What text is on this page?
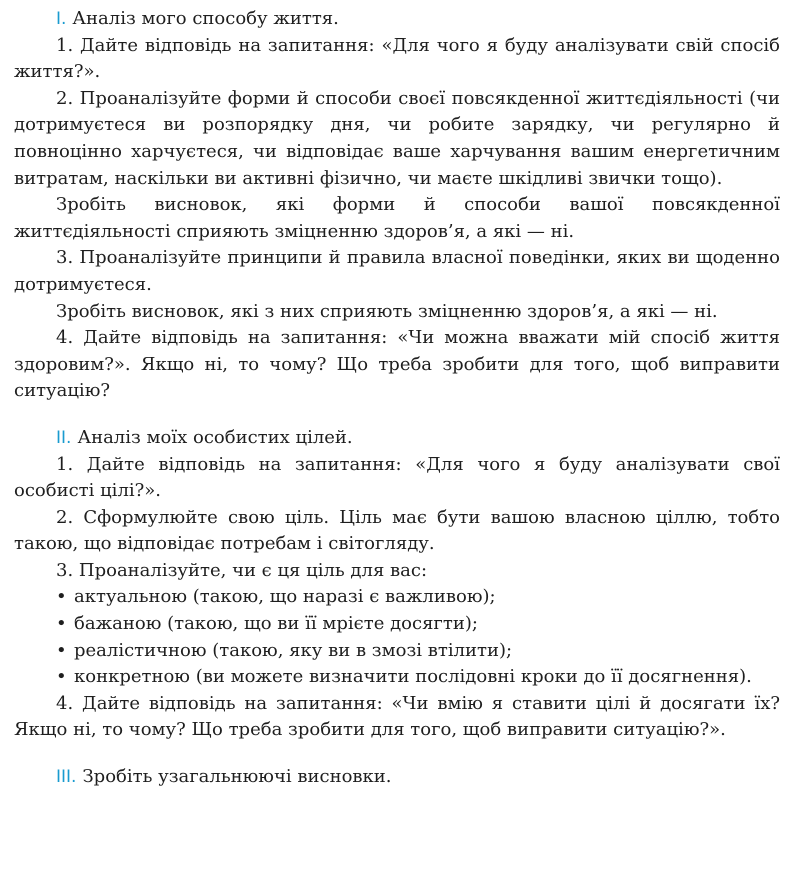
I. Аналіз мого способу життя.

1. Дайте відповідь на запитання: «Для чого я буду аналізувати свій спосіб життя?».

2. Проаналізуйте форми й способи своєї повсякденної життєдіяльності (чи дотримуєтеся ви розпорядку дня, чи робите зарядку, чи регулярно й повноцінно харчуєтеся, чи відповідає ваше харчування вашим енергетичним витратам, наскільки ви активні фізично, чи маєте шкідливі звички тощо).

Зробіть висновок, які форми й способи вашої повсякденної життєдіяльності сприяють зміцненню здоров’я, а які — ні.

3. Проаналізуйте принципи й правила власної поведінки, яких ви щоденно дотримуєтеся.

Зробіть висновок, які з них сприяють зміцненню здоров’я, а які — ні.

4. Дайте відповідь на запитання: «Чи можна вважати мій спосіб життя здоровим?». Якщо ні, то чому? Що треба зробити для того, щоб виправити ситуацію?

II. Аналіз моїх особистих цілей.

1. Дайте відповідь на запитання: «Для чого я буду аналізувати свої особисті цілі?».

2. Сформулюйте свою ціль. Ціль має бути вашою власною ціллю, тобто такою, що відповідає потребам і світогляду.

3. Проаналізуйте, чи є ця ціль для вас:

• актуальною (такою, що наразі є важливою);

• бажаною (такою, що ви її мрієте досягти);

• реалістичною (такою, яку ви в змозі втілити);

• конкретною (ви можете визначити послідовні кроки до її досягнення).

4. Дайте відповідь на запитання: «Чи вмію я ставити цілі й досягати їх? Якщо ні, то чому? Що треба зробити для того, щоб виправити ситуацію?».

III. Зробіть узагальнюючі висновки.
